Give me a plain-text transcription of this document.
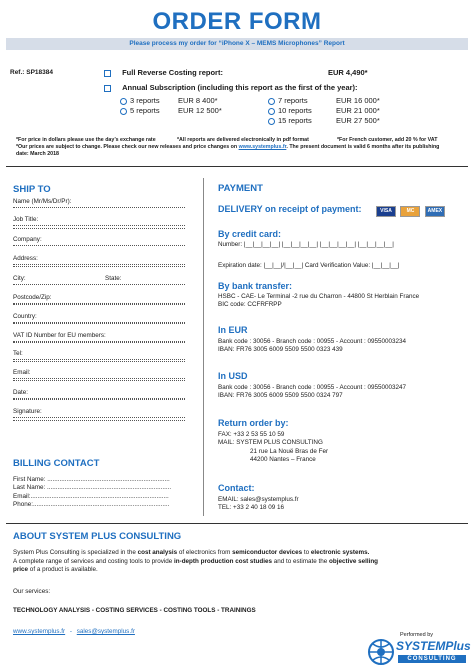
ORDER FORM
Please process my order for “iPhone X – MEMS Microphones” Report
Ref.: SP18384	Full Reverse Costing report:	EUR 4,490*
Annual Subscription (including this report as the first of the year):
3 reports EUR 8 400*
5 reports EUR 12 500*
7 reports	EUR 16 000*
10 reports	EUR 21 000*
15 reports	EUR 27 500*
*For price in dollars please use the day’s exchange rate	*All reports are delivered electronically in pdf format	*For French customer, add 20 % for VAT
*Our prices are subject to change. Please check our new releases and price changes on www.systemplus.fr. The present document is valid 6 months after its publishing
date: March 2018
SHIP TO
Name (Mr/Ms/Dr/Pr):
Job Title:
Company:
Address:
City:	State:
Postcode/Zip:
Country:
VAT ID Number for EU members:
Tel:
Email:
Date:
Signature:
BILLING CONTACT
First Name: ......................................................................
Last Name: .......................................................................
Email:...............................................................................
Phone:..............................................................................
PAYMENT
DELIVERY on receipt of payment:	VISA	MC	AMEX
By credit card:
Number: |__|__|__|__| |__|__|__|__| |__|__|__|__| |__|__|__|__|
Expiration date: |__|__|/|__|__| Card Verification Value: |__|__|__|
By bank transfer:
HSBC - CAE- Le Terminal -2 rue du Charron - 44800 St Herblain France
BIC code: CCFRFRPP
In EUR
Bank code : 30056 - Branch code : 00955 - Account : 09550003234
IBAN: FR76 3005 6009 5509 5500 0323 439
In USD
Bank code : 30056 - Branch code : 00955 - Account : 09550003247
IBAN: FR76 3005 6009 5509 5500 0324 797
Return order by:
FAX: +33 2 53 55 10 59
MAIL: SYSTEM PLUS CONSULTING
21 rue La Nouë Bras de Fer
44200 Nantes – France
Contact:
EMAIL: sales@systemplus.fr
TEL: +33 2 40 18 09 16
ABOUT SYSTEM PLUS CONSULTING
System Plus Consulting is specialized in the cost analysis of electronics from semiconductor devices to electronic systems.
A complete range of services and costing tools to provide in-depth production cost studies and to estimate the objective selling
price of a product is available.
Our services:
TECHNOLOGY ANALYSIS - COSTING SERVICES - COSTING TOOLS - TRAININGS
www.systemplus.fr - sales@systemplus.fr	Performed by
SYSTEMPlus
CONSULTING
